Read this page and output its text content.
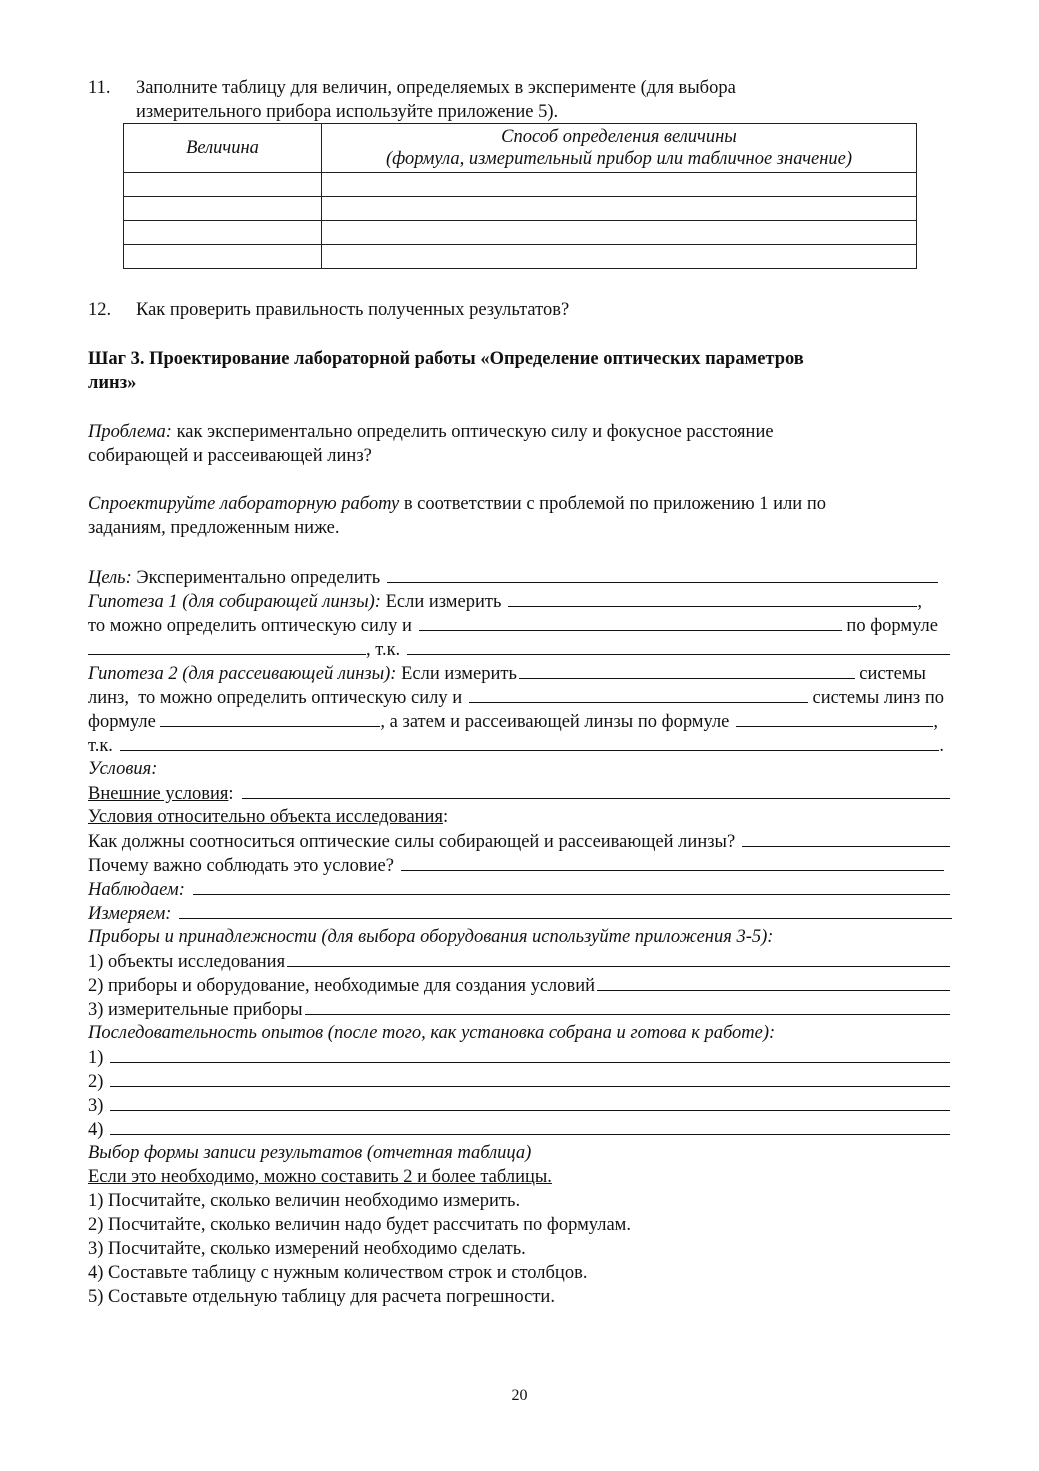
11. Заполните таблицу для величин, определяемых в эксперименте (для выбора
измерительного прибора используйте приложение 5).
Величина	Способ определения величины
(формула, измерительный прибор или табличное значение)

12. Как проверить правильность полученных результатов?
Шаг 3. Проектирование лабораторной работы «Определение оптических параметров
линз»
Проблема: как экспериментально определить оптическую силу и фокусное расстояние
собирающей и рассеивающей линз?
Спроектируйте лабораторную работу в соответствии с проблемой по приложению 1 или по
заданиям, предложенным ниже.
Цель: Экспериментально определить
Гипотеза 1 (для собирающей линзы): Если измерить	,
то можно определить оптическую силу и	по формуле
, т.к.
Гипотеза 2 (для рассеивающей линзы): Если измерить	системы
линз,  то можно определить оптическую силу и	системы линз по
формуле	, а затем и рассеивающей линзы по формуле	,
т.к.	.
Условия:
Внешние условия :
Условия относительно объекта исследования:
Как должны соотноситься оптические силы собирающей и рассеивающей линзы?
Почему важно соблюдать это условие?
Наблюдаем:
Измеряем:
Приборы и принадлежности (для выбора оборудования используйте приложения 3-5):
1) объекты исследования
2) приборы и оборудование, необходимые для создания условий
3) измерительные приборы
Последовательность опытов (после того, как установка собрана и готова к работе):
1)
2)
3)
4)
Выбор формы записи результатов (отчетная таблица)
Если это необходимо, можно составить 2 и более таблицы.
1) Посчитайте, сколько величин необходимо измерить.
2) Посчитайте, сколько величин надо будет рассчитать по формулам.
3) Посчитайте, сколько измерений необходимо сделать.
4) Составьте таблицу с нужным количеством строк и столбцов.
5) Составьте отдельную таблицу для расчета погрешности.
20
